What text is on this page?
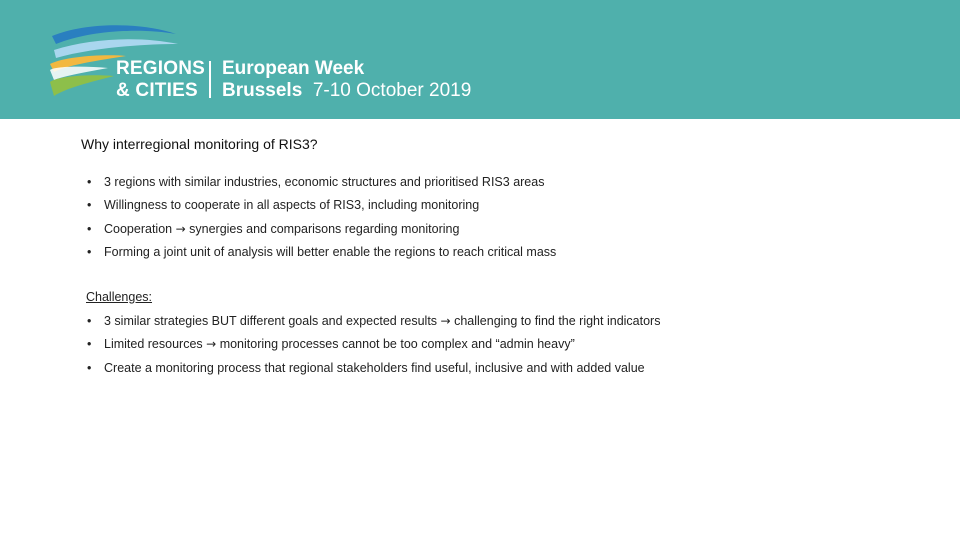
REGIONS
& CITIES
European Week
Brussels 7-10 October 2019
Why interregional monitoring of RIS3?
• 3 regions with similar industries, economic structures and prioritised RIS3 areas
• Willingness to cooperate in all aspects of RIS3, including monitoring
• Cooperation → synergies and comparisons regarding monitoring
• Forming a joint unit of analysis will better enable the regions to reach critical mass
Challenges:
• 3 similar strategies BUT different goals and expected results → challenging to find the right indicators
• Limited resources → monitoring processes cannot be too complex and “admin heavy”
• Create a monitoring process that regional stakeholders find useful, inclusive and with added value
